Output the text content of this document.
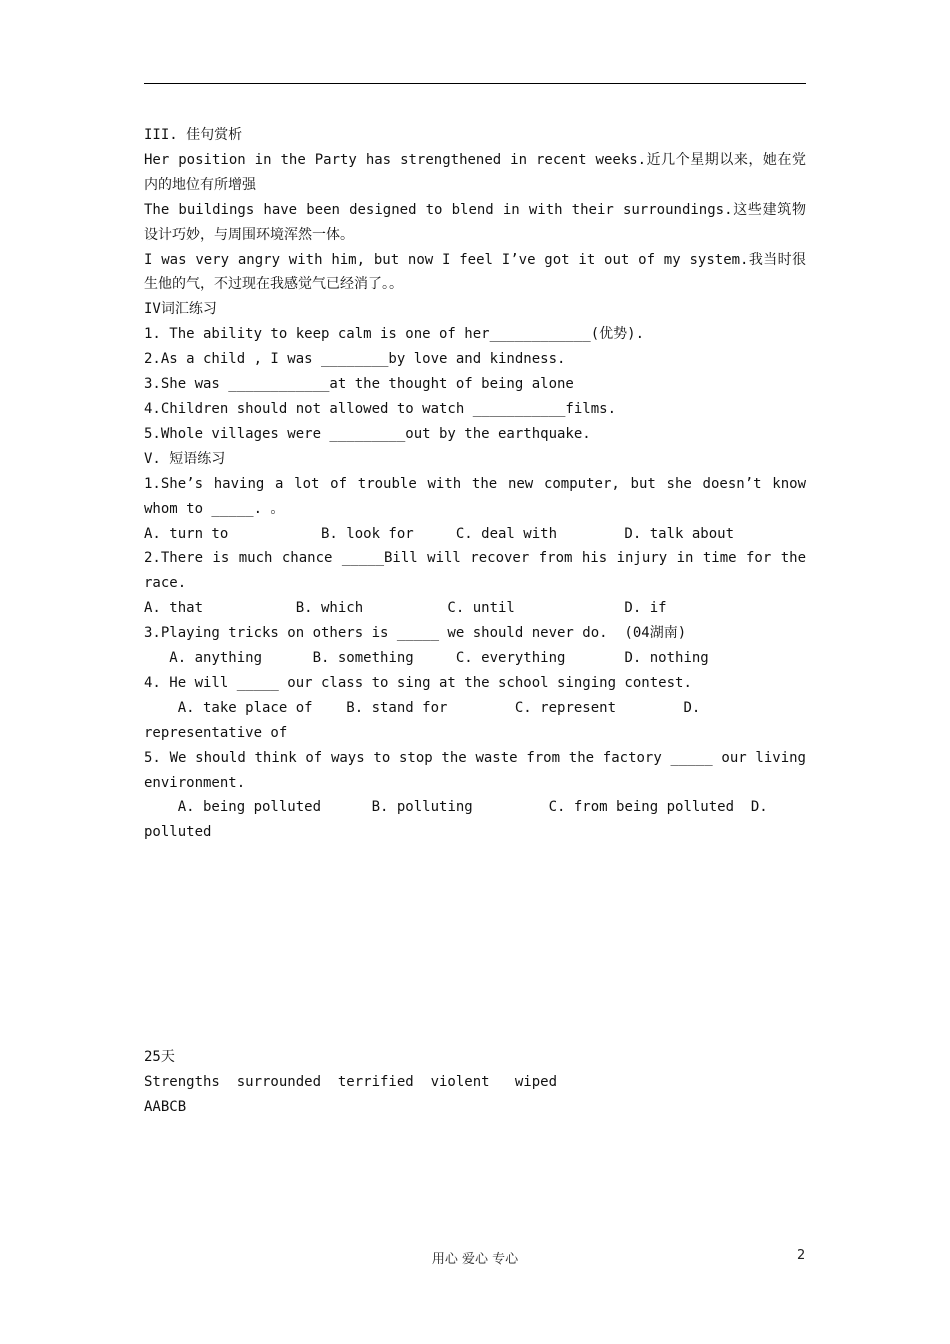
III. 佳句赏析

Her position in the Party has strengthened in recent weeks.近几个星期以来，她在党内的地位有所增强

The buildings have been designed to blend in with their surroundings.这些建筑物设计巧妙，与周围环境浑然一体。

I was very angry with him, but now I feel I’ve got it out of my system.我当时很生他的气，不过现在我感觉气已经消了。。

IV词汇练习

1. The ability to keep calm is one of her____________(优势).

2.As a child , I was ________by love and kindness.

3.She was ____________at the thought of being alone

4.Children should not allowed to watch ___________films.

5.Whole villages were _________out by the earthquake.

V. 短语练习

1.She’s having a lot of trouble with the new computer, but she doesn’t know whom to _____. 。

A. turn to           B. look for     C. deal with        D. talk about

2.There is much chance _____Bill will recover from his injury in time for the race.

A. that           B. which          C. until             D. if

3.Playing tricks on others is _____ we should never do.  (04湖南)

A. anything      B. something     C. everything       D. nothing

4. He will _____ our class to sing at the school singing contest.

A. take place of    B. stand for        C. represent        D. representative of

5. We should think of ways to stop the waste from the factory _____ our living environment.

A. being polluted      B. polluting         C. from being polluted  D. polluted

25天

Strengths  surrounded  terrified  violent   wiped

AABCB

用心 爱心 专心	2
